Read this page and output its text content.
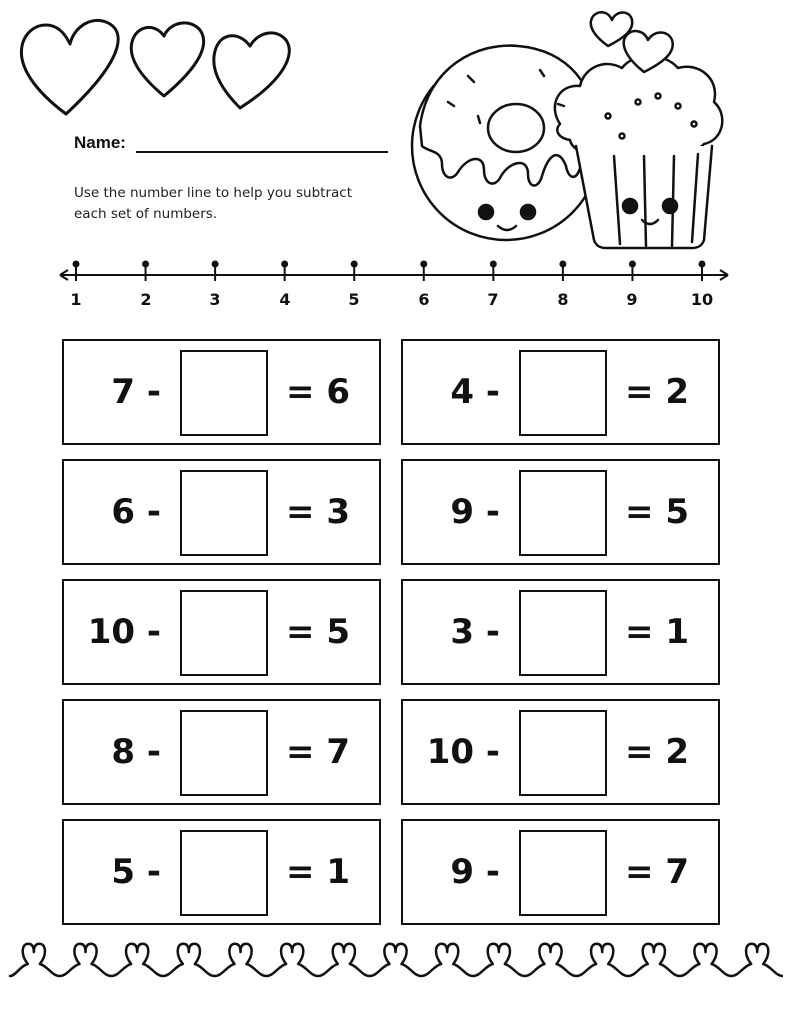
Name:
Use the number line to help you subtract each set of numbers.
1	2	3	4	5	6	7	8	9	10
7 -	= 6	4 -	= 2
6 -	= 3	9 -	= 5
10 -	= 5	3 -	= 1
8 -	= 7 10 -	= 2
5 -	= 1	9 -	= 7
